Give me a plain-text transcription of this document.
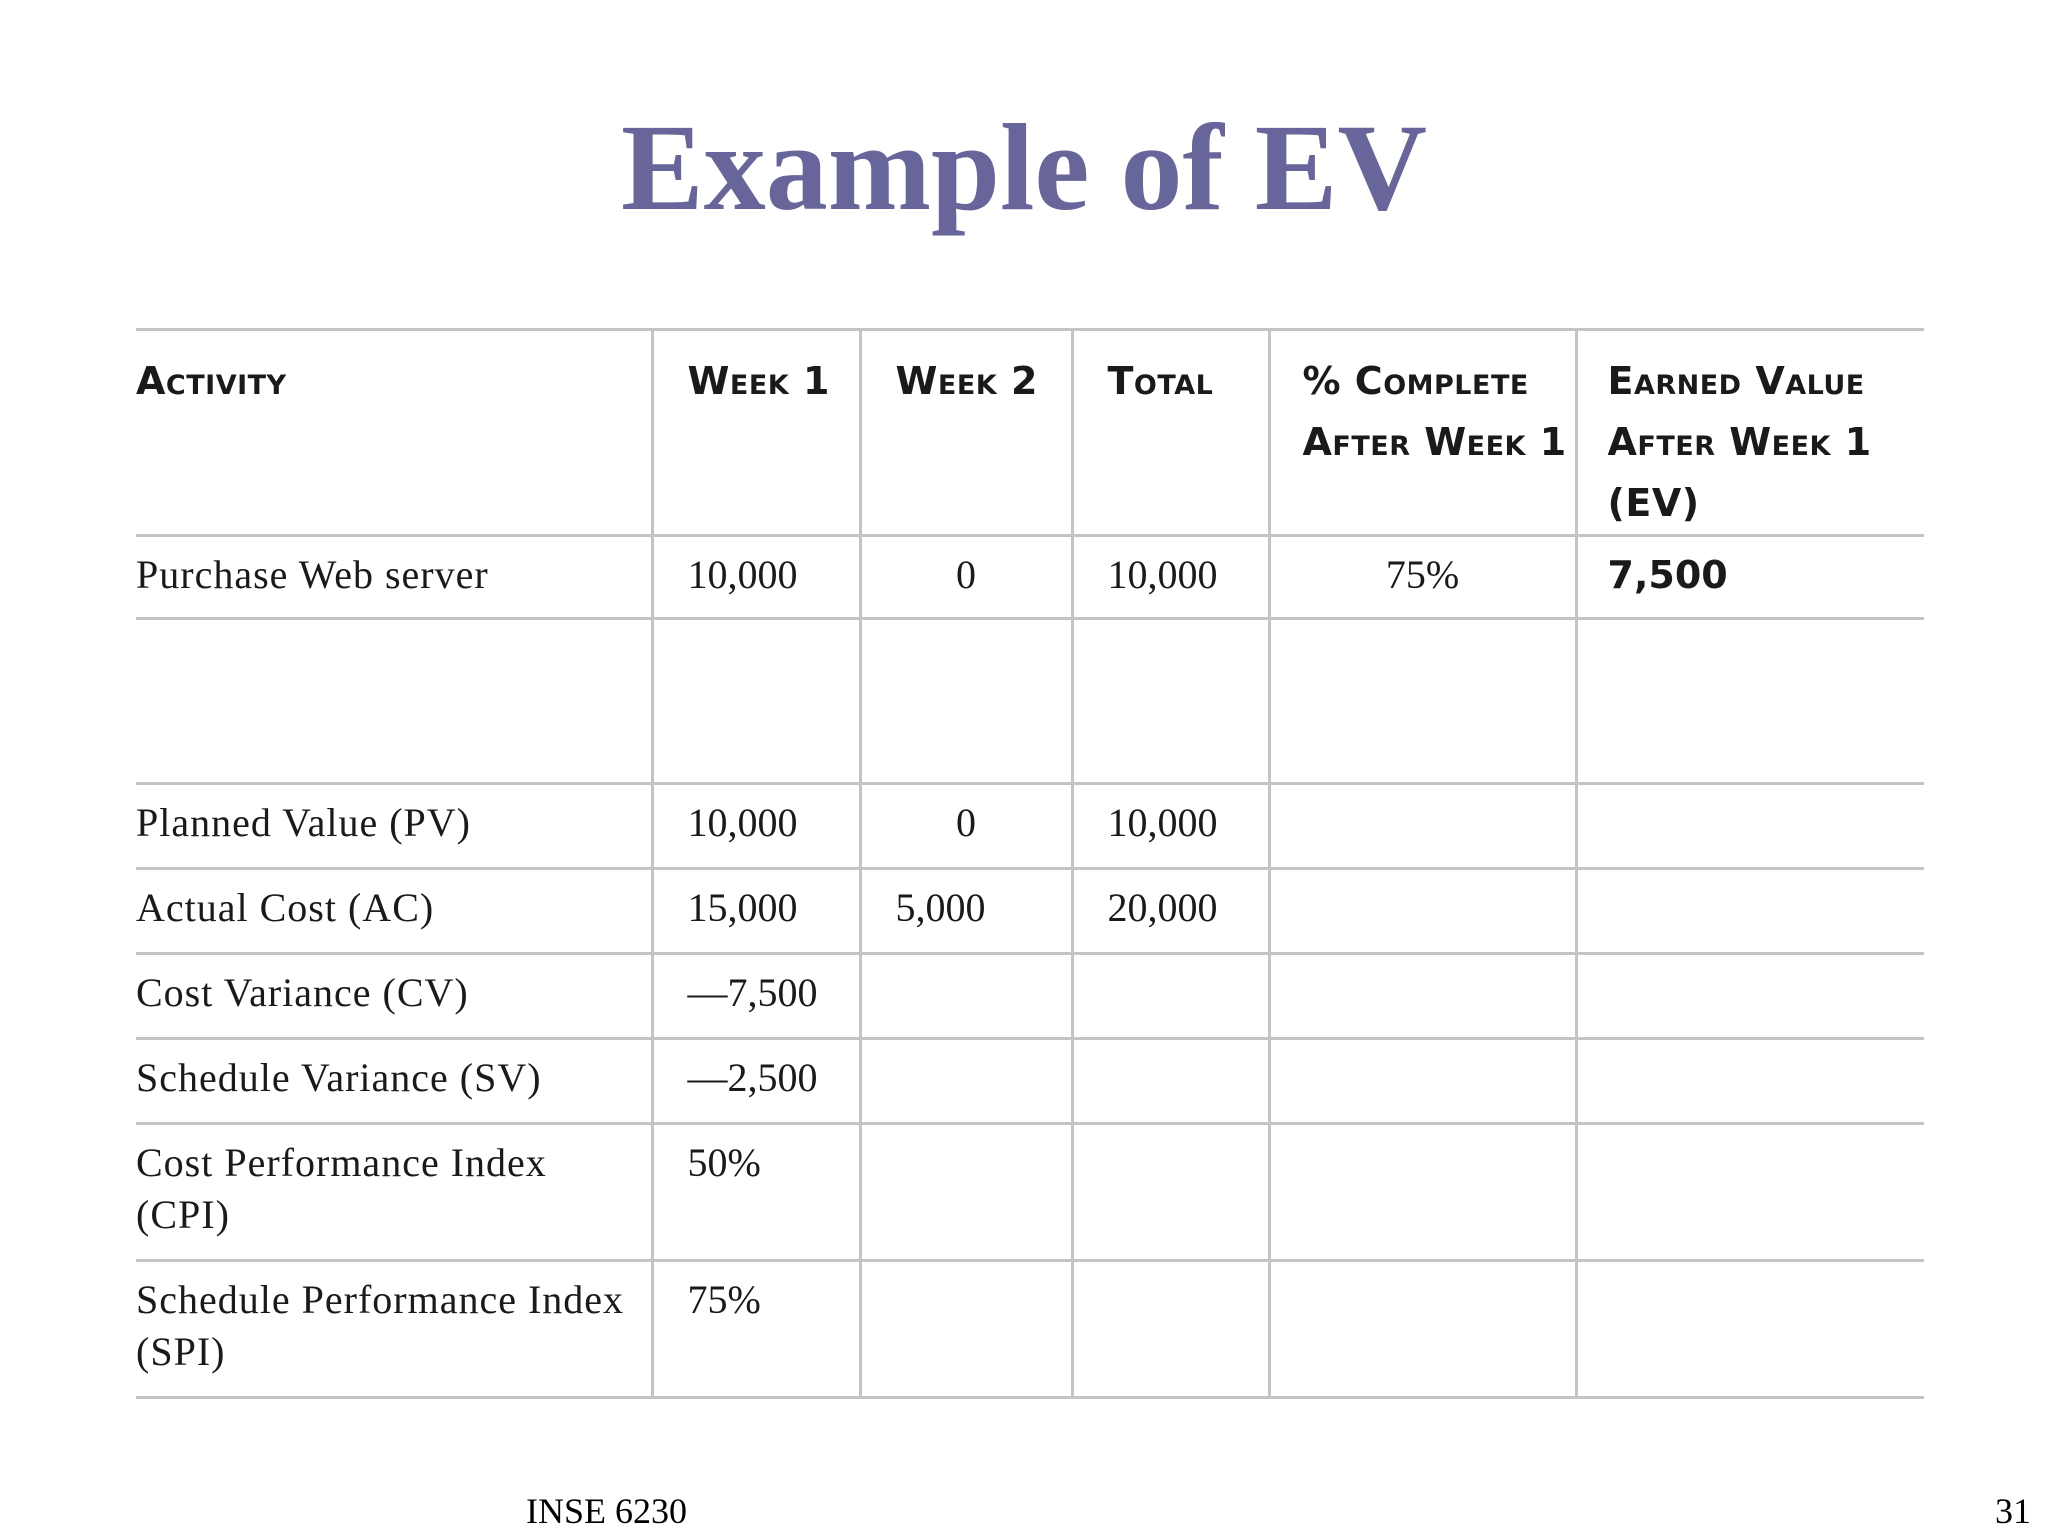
Example of EV
Activity	Week 1	Week 2	Total	% Complete After Week 1	Earned Value After Week 1 (EV)
Purchase Web server	10,000	0	10,000	75%	7,500

Planned Value (PV)	10,000	0	10,000		
Actual Cost (AC)	15,000	5,000	20,000		
Cost Variance (CV)	—7,500				
Schedule Variance (SV)	—2,500				
Cost Performance Index (CPI)	50%				
Schedule Performance Index (SPI)	75%				
INSE 6230	31
